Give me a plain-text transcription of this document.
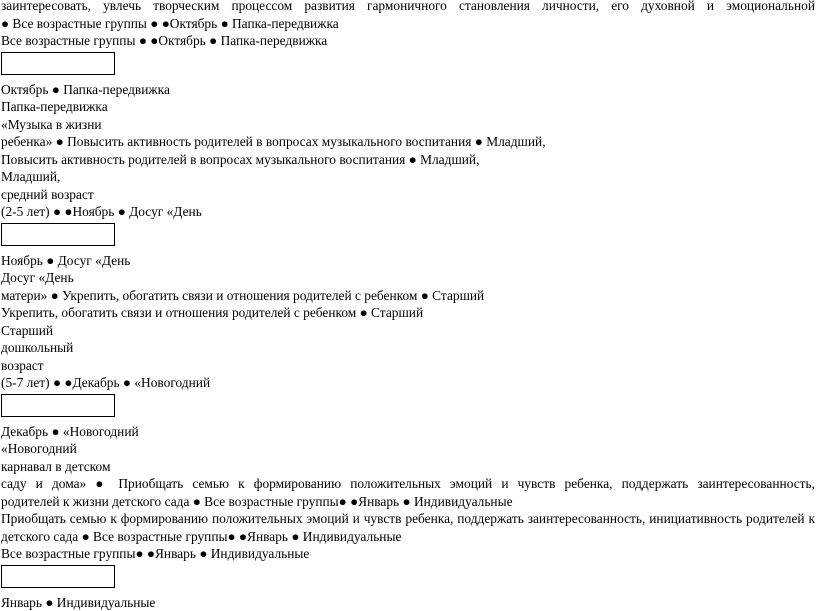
заинтересовать, увлечь творческим процессом развития гармоничного становления личности, его духовной и эмоциональной
● Все возрастные группы ● ●Октябрь ● Папка-передвижка
Все возрастные группы ● ●Октябрь ● Папка-передвижка
Октябрь ● Папка-передвижка
Папка-передвижка
«Музыка в жизни
ребенка» ● Повысить активность родителей в вопросах музыкального воспитания ● Младший,
Повысить активность родителей в вопросах музыкального воспитания ● Младший,
Младший,
средний возраст
(2-5 лет) ● ●Ноябрь ● Досуг «День
Ноябрь ● Досуг «День
Досуг «День
матери» ● Укрепить, обогатить связи и отношения родителей с ребенком ● Старший
Укрепить, обогатить связи и отношения родителей с ребенком ● Старший
Старший
дошкольный
возраст
(5-7 лет) ● ●Декабрь ● «Новогодний
Декабрь ● «Новогодний
«Новогодний
карнавал в детском
саду и дома» ● Приобщать семью к формированию положительных эмоций и чувств ребенка, поддержать заинтересованность,
родителей к жизни детского сада ● Все возрастные группы● ●Январь ● Индивидуальные
Приобщать семью к формированию положительных эмоций и чувств ребенка, поддержать заинтересованность, инициативность родителей к
детского сада ● Все возрастные группы● ●Январь ● Индивидуальные
Все возрастные группы● ●Январь ● Индивидуальные
Январь ● Индивидуальные
